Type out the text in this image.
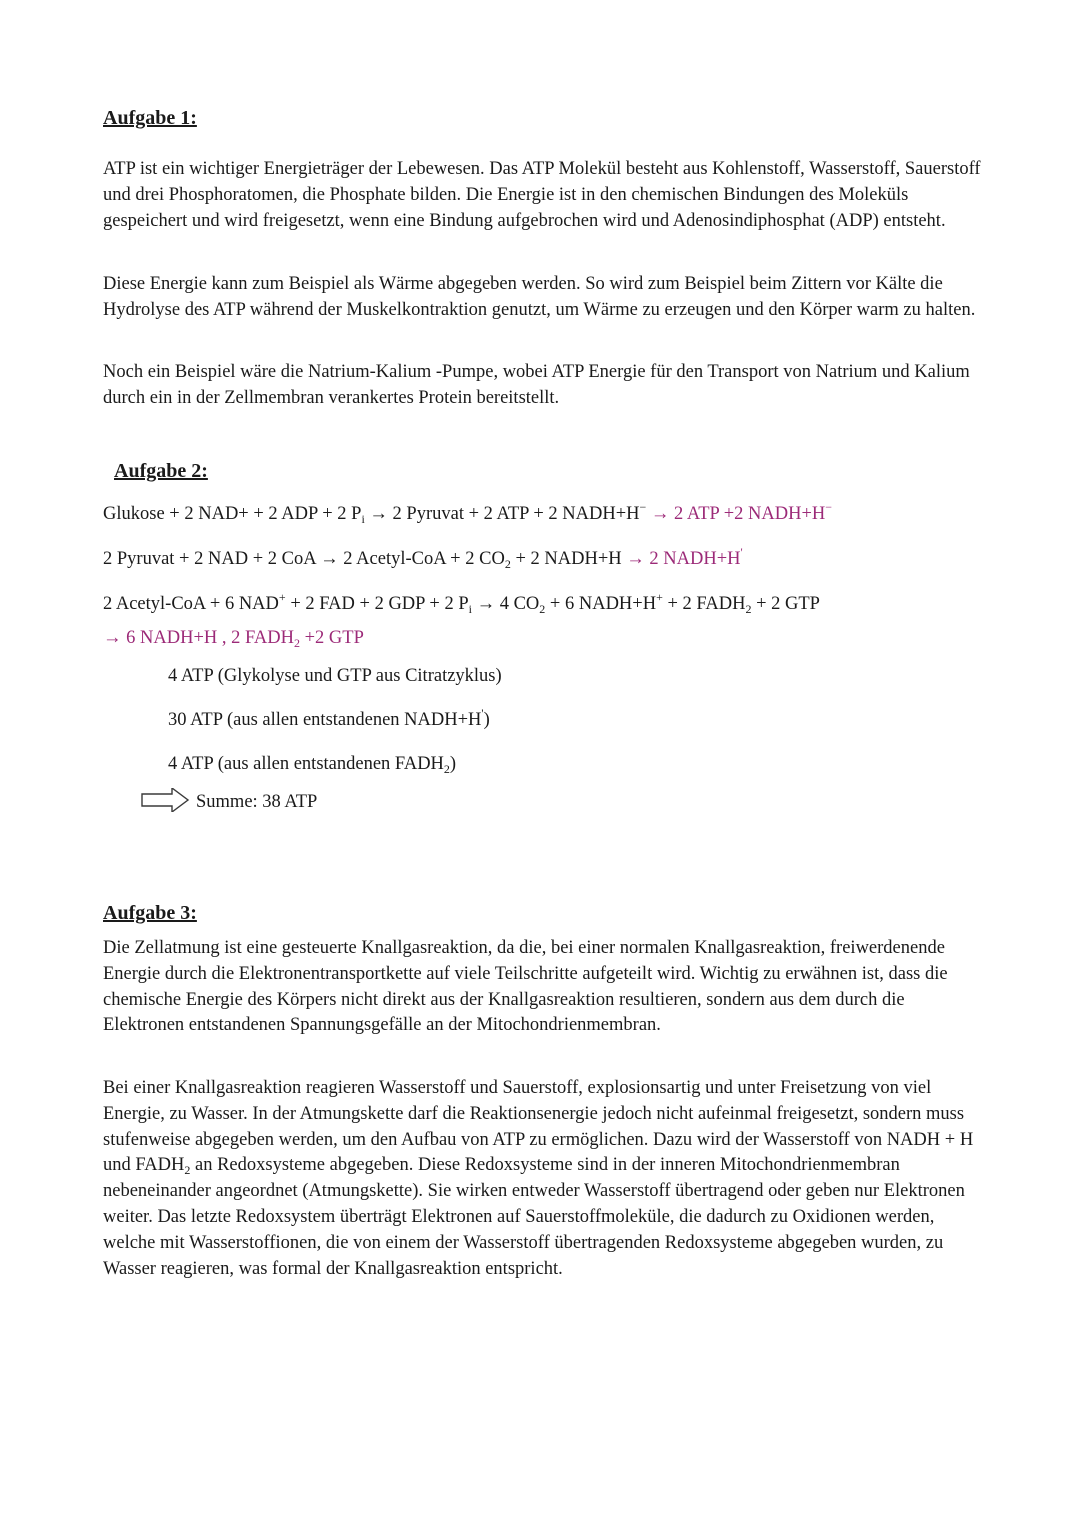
Aufgabe 1:

ATP ist ein wichtiger Energieträger der Lebewesen. Das ATP Molekül besteht aus Kohlenstoff, Wasserstoff, Sauerstoff und drei Phosphoratomen, die Phosphate bilden. Die Energie ist in den chemischen Bindungen des Moleküls gespeichert und wird freigesetzt, wenn eine Bindung aufgebrochen wird und Adenosindiphosphat (ADP) entsteht.

Diese Energie kann zum Beispiel als Wärme abgegeben werden. So wird zum Beispiel beim Zittern vor Kälte die Hydrolyse des ATP während der Muskelkontraktion genutzt, um Wärme zu erzeugen und den Körper warm zu halten.

Noch ein Beispiel wäre die Natrium-Kalium -Pumpe, wobei ATP Energie für den Transport von Natrium und Kalium durch ein in der Zellmembran verankertes Protein bereitstellt.

Aufgabe 2:

Glukose + 2 NAD+ + 2 ADP + 2 $P_i \to 2$ Pyruvat + 2 ATP + 2 NADH+H− → 2 ATP +2 NADH+H−

2 Pyruvat + 2 NAD + 2 CoA → 2 Acetyl-CoA + 2 $CO_2 + 2$ NADH+H → 2 NADH+H'

2 Acetyl-CoA + 6 NAD+ + 2 FAD + 2 GDP + 2 $P_i \to 4$ $CO_2 + 6$ NADH+H+ + 2 $FADH_2 + 2$ GTP

→ 6 NADH+H , 2 $FADH_2 +2$ GTP

4 ATP (Glykolyse und GTP aus Citratzyklus)

30 ATP (aus allen entstandenen NADH+H')

4 ATP (aus allen entstandenen $FADH_2$)

Summe: 38 ATP

Aufgabe 3:

Die Zellatmung ist eine gesteuerte Knallgasreaktion, da die, bei einer normalen Knallgasreaktion, freiwerdenende Energie durch die Elektronentransportkette auf viele Teilschritte aufgeteilt wird. Wichtig zu erwähnen ist, dass die chemische Energie des Körpers nicht direkt aus der Knallgasreaktion resultieren, sondern aus dem durch die Elektronen entstandenen Spannungsgefälle an der Mitochondrienmembran.

Bei einer Knallgasreaktion reagieren Wasserstoff und Sauerstoff, explosionsartig und unter Freisetzung von viel Energie, zu Wasser. In der Atmungskette darf die Reaktionsenergie jedoch nicht aufeinmal freigesetzt, sondern muss stufenweise abgegeben werden, um den Aufbau von ATP zu ermöglichen. Dazu wird der Wasserstoff von NADH + H und $FADH_2$ an Redoxsysteme abgegeben. Diese Redoxsysteme sind in der inneren Mitochondrienmembran nebeneinander angeordnet (Atmungskette). Sie wirken entweder Wasserstoff übertragend oder geben nur Elektronen weiter. Das letzte Redoxsystem überträgt Elektronen auf Sauerstoffmoleküle, die dadurch zu Oxidionen werden, welche mit Wasserstoffionen, die von einem der Wasserstoff übertragenden Redoxsysteme abgegeben wurden, zu Wasser reagieren, was formal der Knallgasreaktion entspricht.
